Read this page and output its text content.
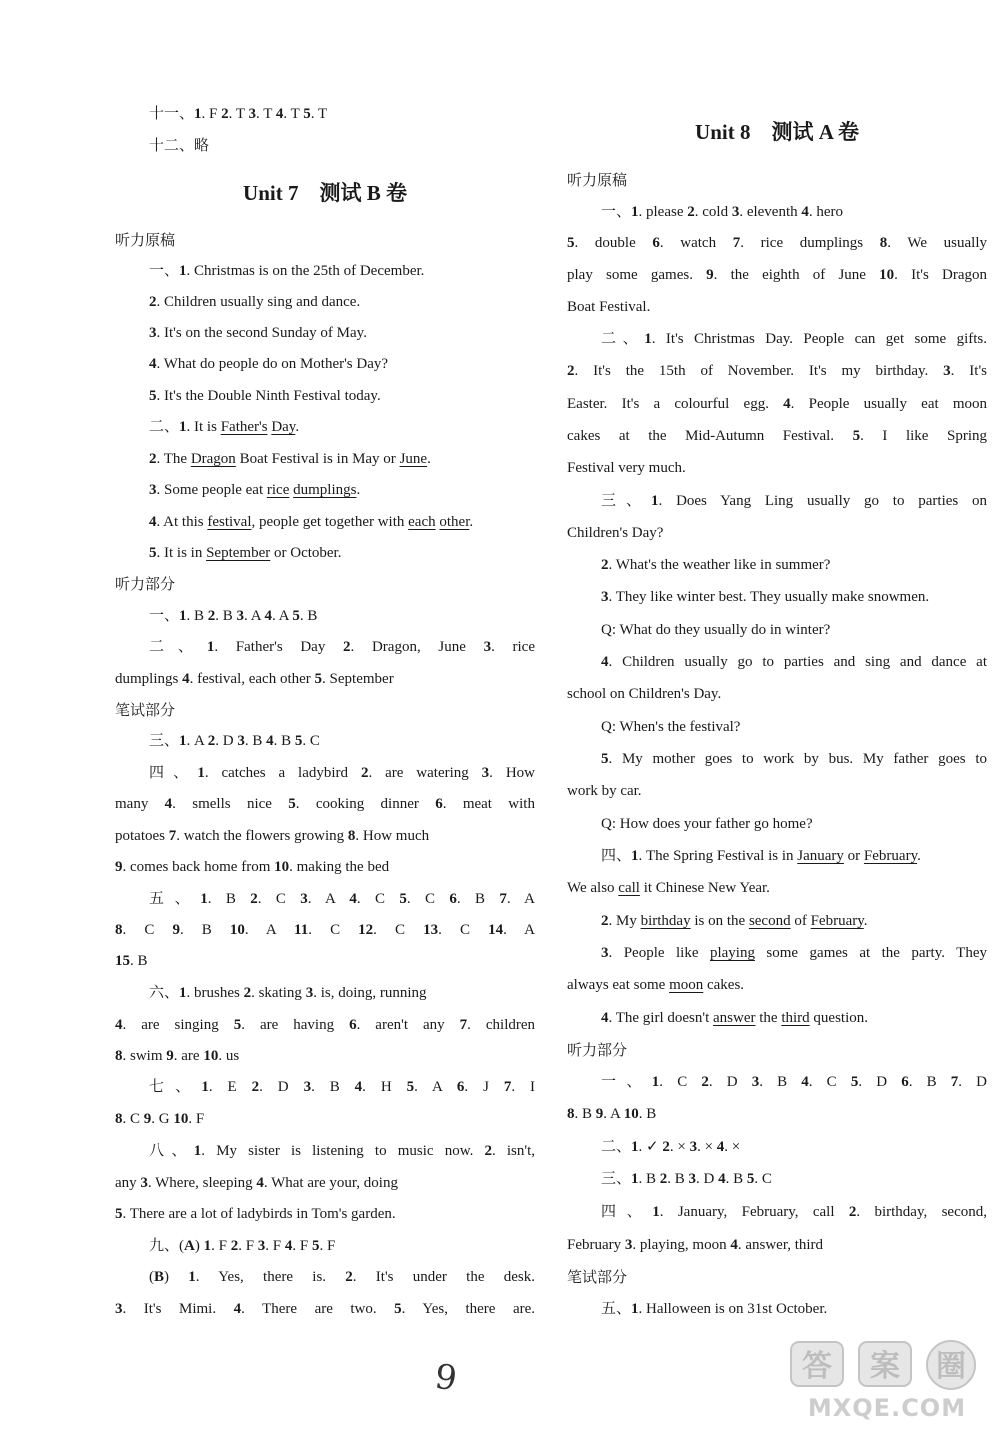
Unit 7　测试 B 卷
十一、1. F 2. T 3. T 4. T 5. T
十二、略
听力原稿
一、1. Christmas is on the 25th of December.
2. Children usually sing and dance.
3. It's on the second Sunday of May.
4. What do people do on Mother's Day?
5. It's the Double Ninth Festival today.
二、1. It is Father's Day.
2. The Dragon Boat Festival is in May or June.
3. Some people eat rice dumplings.
4. At this festival, people get together with each other.
5. It is in September or October.
听力部分
一、1. B 2. B 3. A 4. A 5. B
二、1. Father's Day 2. Dragon, June 3. rice
dumplings 4. festival, each other 5. September
笔试部分
三、1. A 2. D 3. B 4. B 5. C
四、1. catches a ladybird 2. are watering 3. How
many 4. smells nice 5. cooking dinner 6. meat with
potatoes 7. watch the flowers growing 8. How much
9. comes back home from 10. making the bed
五、1. B 2. C 3. A 4. C 5. C 6. B 7. A
8. C 9. B 10. A 11. C 12. C 13. C 14. A
15. B
六、1. brushes 2. skating 3. is, doing, running
4. are singing 5. are having 6. aren't any 7. children
8. swim 9. are 10. us
七、1. E 2. D 3. B 4. H 5. A 6. J 7. I
8. C 9. G 10. F
八、1. My sister is listening to music now. 2. isn't,
any 3. Where, sleeping 4. What are your, doing
5. There are a lot of ladybirds in Tom's garden.
九、(A) 1. F 2. F 3. F 4. F 5. F
(B) 1. Yes, there is. 2. It's under the desk.
3. It's Mimi. 4. There are two. 5. Yes, there are.
Unit 8　测试 A 卷
听力原稿
一、1. please 2. cold 3. eleventh 4. hero
5. double 6. watch 7. rice dumplings 8. We usually
play some games. 9. the eighth of June 10. It's Dragon
Boat Festival.
二、1. It's Christmas Day. People can get some gifts.
2. It's the 15th of November. It's my birthday. 3. It's
Easter. It's a colourful egg. 4. People usually eat moon
cakes at the Mid-Autumn Festival. 5. I like Spring
Festival very much.
三、1. Does Yang Ling usually go to parties on
Children's Day?
2. What's the weather like in summer?
3. They like winter best. They usually make snowmen.
Q: What do they usually do in winter?
4. Children usually go to parties and sing and dance at
school on Children's Day.
Q: When's the festival?
5. My mother goes to work by bus. My father goes to
work by car.
Q: How does your father go home?
四、1. The Spring Festival is in January or February.
We also call it Chinese New Year.
2. My birthday is on the second of February.
3. People like playing some games at the party. They
always eat some moon cakes.
4. The girl doesn't answer the third question.
听力部分
一、1. C 2. D 3. B 4. C 5. D 6. B 7. D
8. B 9. A 10. B
二、1. ✓ 2. × 3. × 4. ×
三、1. B 2. B 3. D 4. B 5. C
四、1. January, February, call 2. birthday, second,
February 3. playing, moon 4. answer, third
笔试部分
五、1. Halloween is on 31st October.
9	答 案 圈
MXQE.COM
